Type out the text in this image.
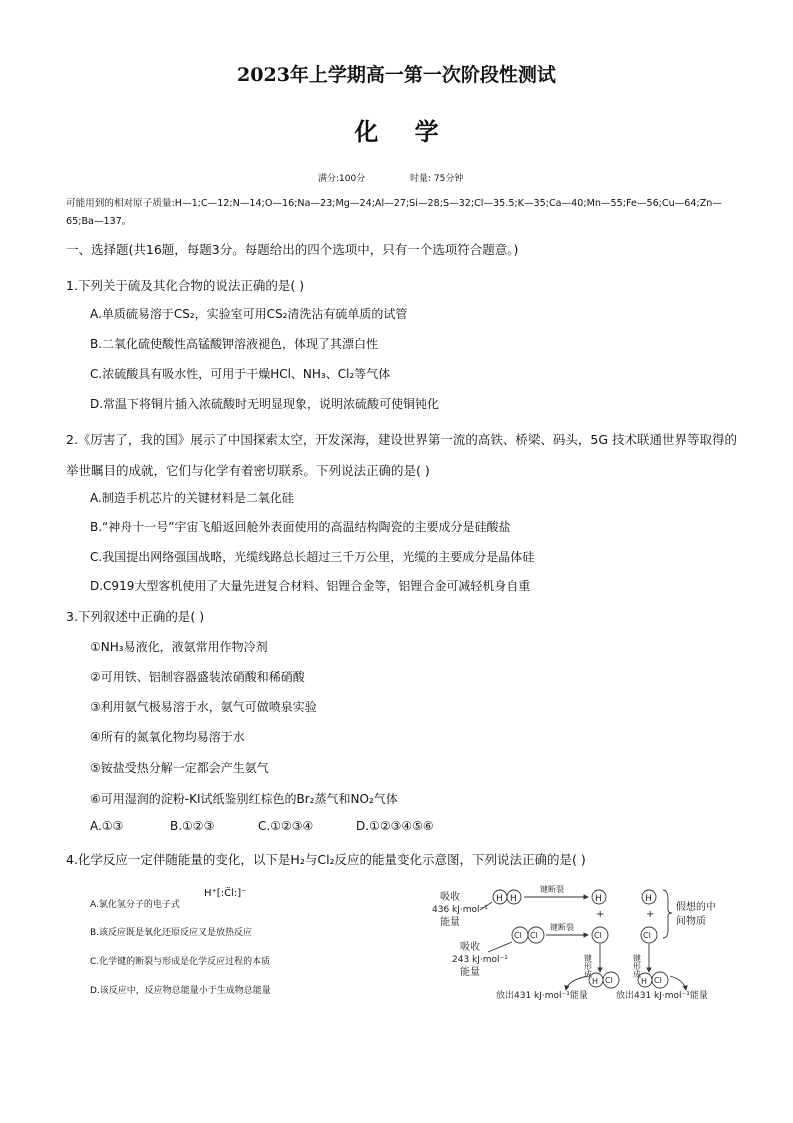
2023年上学期高一第一次阶段性测试
化 学
满分:100分	时量: 75分钟
可能用到的相对原子质量:H—1;C—12;N—14;O—16;Na—23;Mg—24;Al—27;Si—28;S—32;Cl—35.5;K—35;Ca—40;Mn—55;Fe—56;Cu—64;Zn—65;Ba—137。
一、选择题(共16题，每题3分。每题给出的四个选项中，只有一个选项符合题意。)
1.下列关于硫及其化合物的说法正确的是( )
A.单质硫易溶于CS₂，实验室可用CS₂清洗沾有硫单质的试管
B.二氧化硫使酸性高锰酸钾溶液褪色，体现了其漂白性
C.浓硫酸具有吸水性，可用于干燥HCl、NH₃、Cl₂等气体
D.常温下将铜片插入浓硫酸时无明显现象，说明浓硫酸可使铜钝化
2.《厉害了，我的国》展示了中国探索太空，开发深海，建设世界第一流的高铁、桥梁、码头，5G 技术联通世界等取得的举世瞩目的成就，它们与化学有着密切联系。下列说法正确的是( )
A.制造手机芯片的关键材料是二氧化硅
B.“神舟十一号”宇宙飞船返回舱外表面使用的高温结构陶瓷的主要成分是硅酸盐
C.我国提出网络强国战略，光缆线路总长超过三千万公里，光缆的主要成分是晶体硅
D.C919大型客机使用了大量先进复合材料、铝锂合金等，铝锂合金可减轻机身自重
3.下列叙述中正确的是( )
①NH₃易液化，液氨常用作物冷剂
②可用铁、铝制容器盛装浓硝酸和稀硝酸
③利用氨气极易溶于水，氨气可做喷泉实验
④所有的氮氧化物均易溶于水
⑤铵盐受热分解一定都会产生氨气
⑥可用湿润的淀粉-KI试纸鉴别红棕色的Br₂蒸气和NO₂气体
A.①③	B.①②③	C.①②③④	D.①②③④⑤⑥
4.化学反应一定伴随能量的变化，以下是H₂与Cl₂反应的能量变化示意图，下列说法正确的是( )
A.氯化氢分子的电子式
H⁺[:C̈l:]⁻
B.该反应既是氧化还原反应又是放热反应
C.化学键的断裂与形成是化学反应过程的本质
D.该反应中，反应物总能量小于生成物总能量
吸收
436 kJ·mol⁻¹
能量
吸收
243 kJ·mol⁻¹
能量
H H
键断裂
Cl Cl
键断裂
H
+
Cl
键形成
H Cl
放出431 kJ·mol⁻¹能量
H
+
Cl
假想的中
间物质
键形成
H Cl
放出431 kJ·mol⁻¹能量
